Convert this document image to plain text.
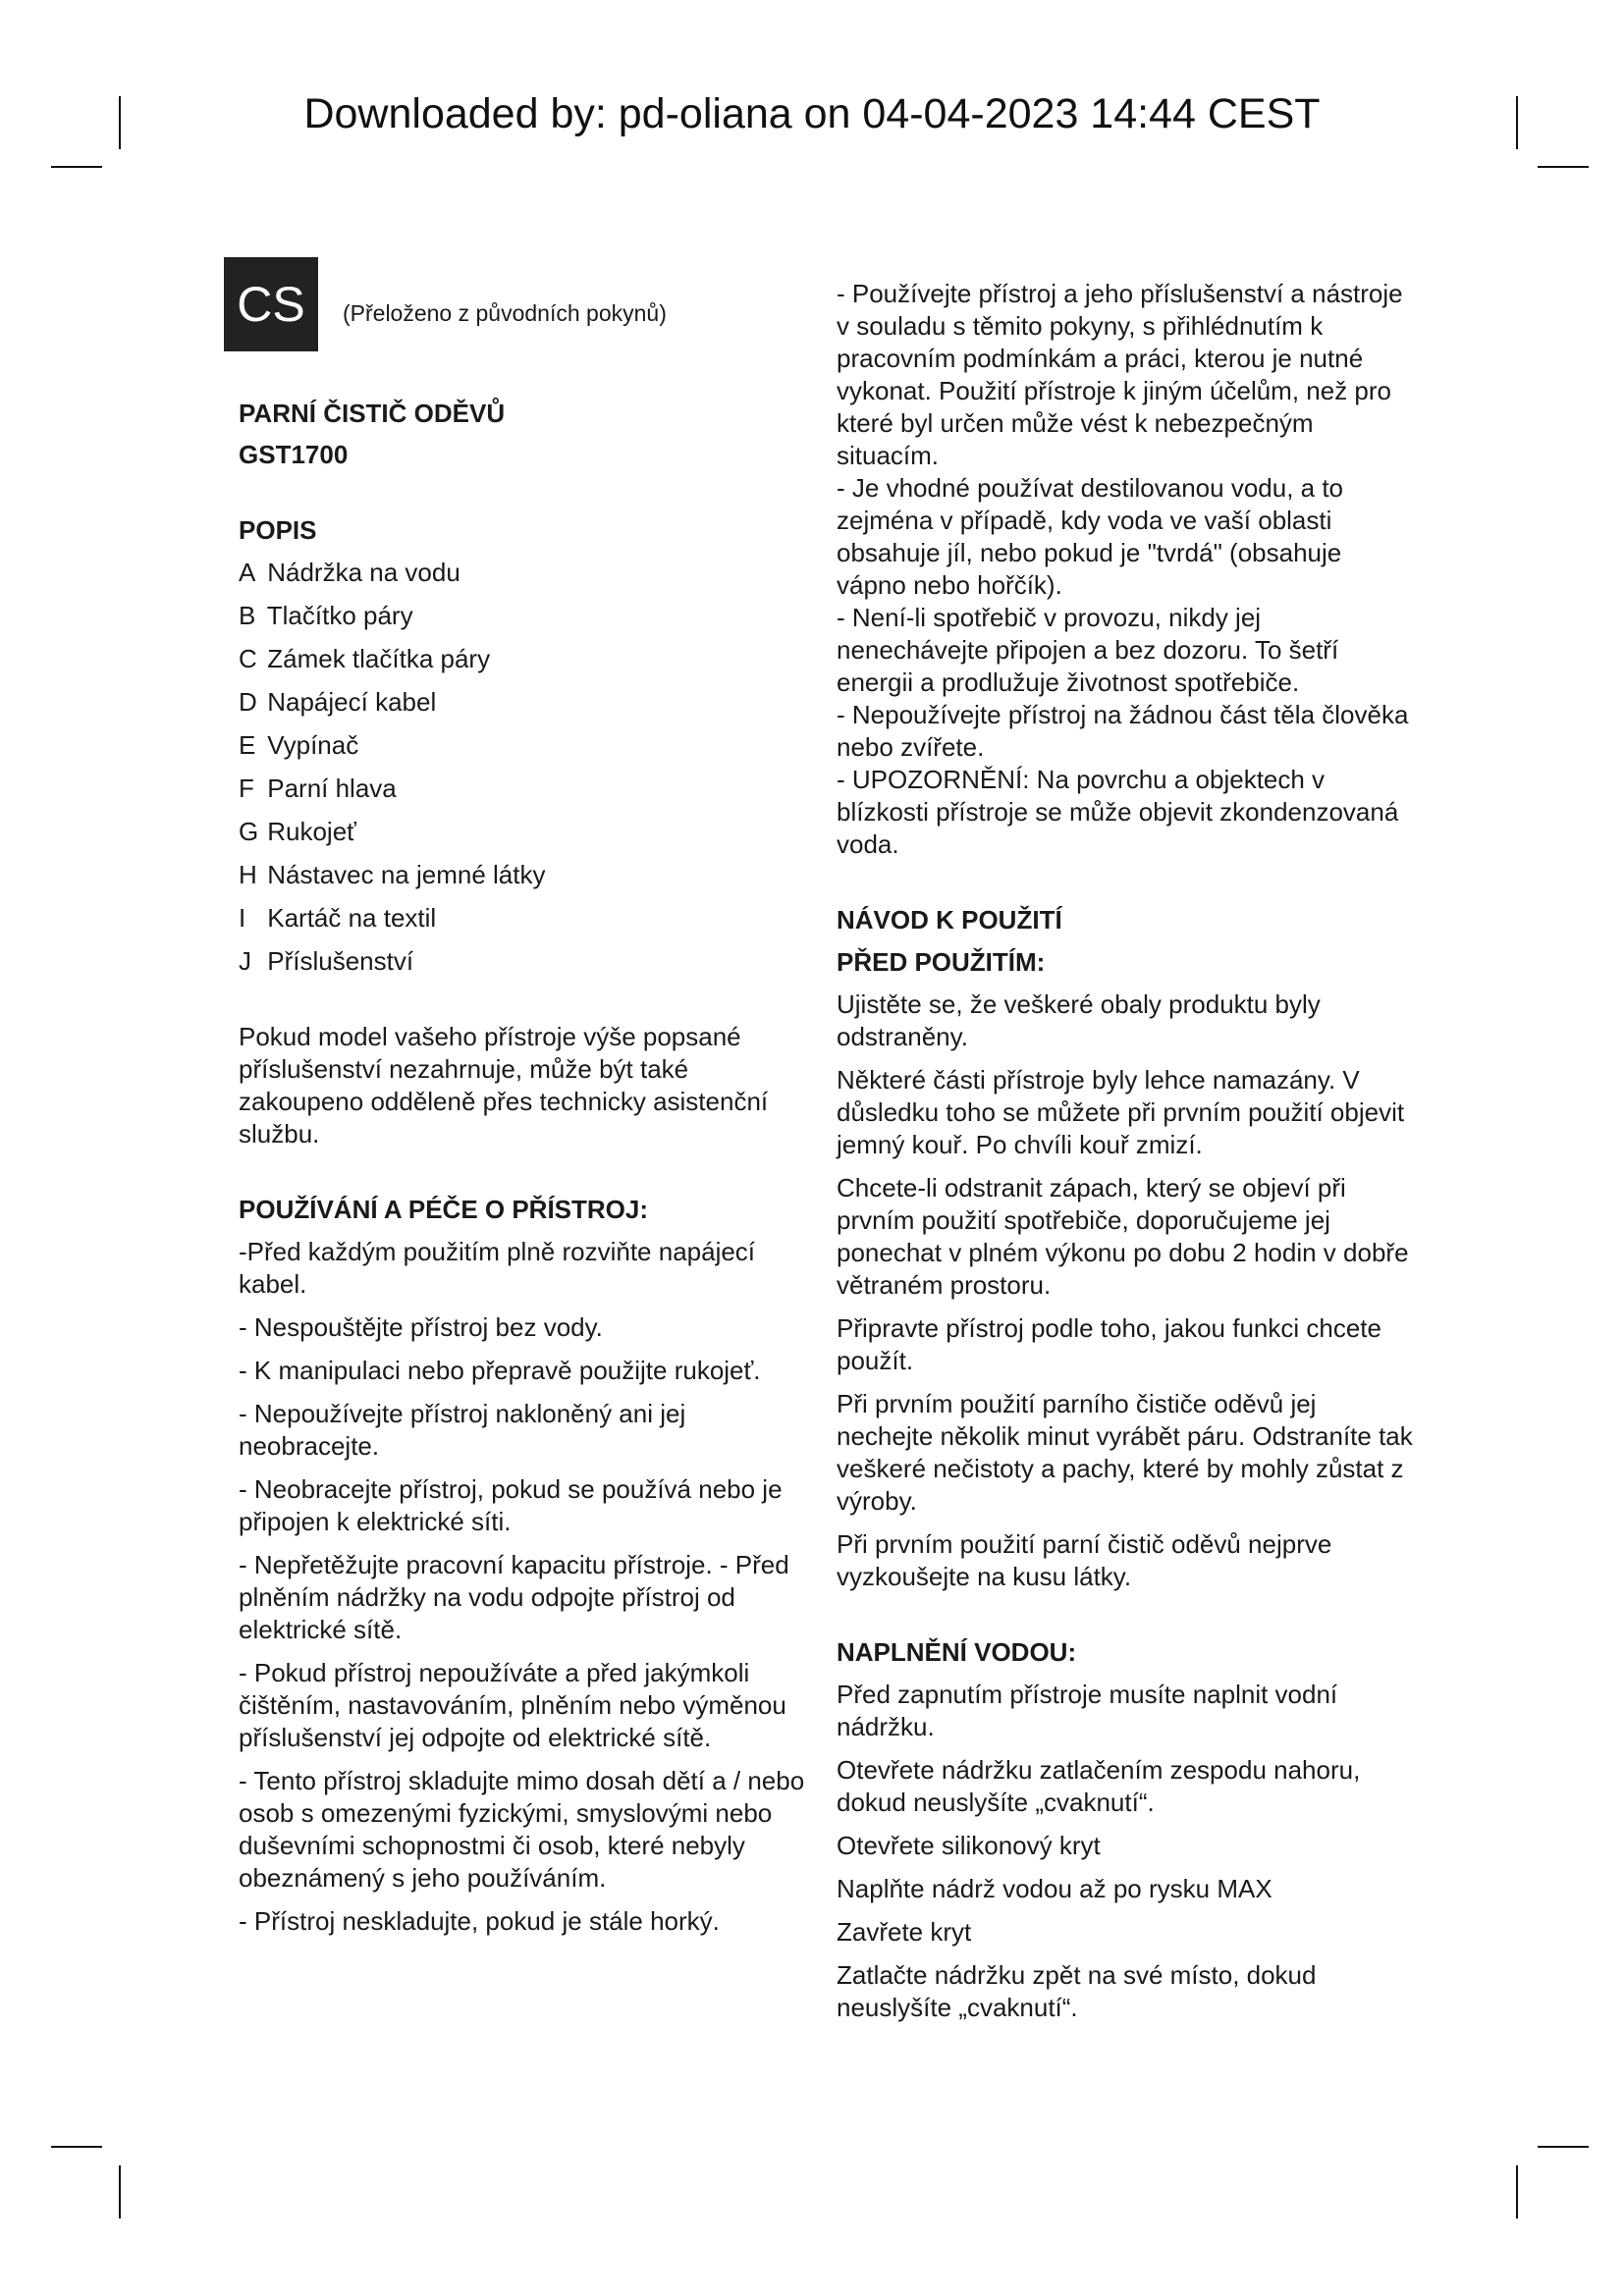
Downloaded by: pd-oliana on 04-04-2023 14:44 CEST
CS	(Přeloženo z původních pokynů)
PARNÍ ČISTIČ ODĚVŮ
GST1700
POPIS
A Nádržka na vodu
B Tlačítko páry
C Zámek tlačítka páry
D Napájecí kabel
E Vypínač
F Parní hlava
G Rukojeť
H Nástavec na jemné látky
I Kartáč na textil
J Příslušenství

Pokud model vašeho přístroje výše popsané příslušenství nezahrnuje, může být také zakoupeno odděleně přes technicky asistenční službu.

POUŽÍVÁNÍ A PÉČE O PŘÍSTROJ:

-Před každým použitím plně rozviňte napájecí kabel.

- Nespouštějte přístroj bez vody.

- K manipulaci nebo přepravě použijte rukojeť.

- Nepoužívejte přístroj nakloněný ani jej neobracejte.

- Neobracejte přístroj, pokud se používá nebo je připojen k elektrické síti.

- Nepřetěžujte pracovní kapacitu přístroje. - Před plněním nádržky na vodu odpojte přístroj od elektrické sítě.

- Pokud přístroj nepoužíváte a před jakýmkoli čištěním, nastavováním, plněním nebo výměnou příslušenství jej odpojte od elektrické sítě.

- Tento přístroj skladujte mimo dosah dětí a / nebo osob s omezenými fyzickými, smyslovými nebo duševními schopnostmi či osob, které nebyly obeznámený s jeho používáním.

- Přístroj neskladujte, pokud je stále horký.

- Používejte přístroj a jeho příslušenství a nástroje v souladu s těmito pokyny, s přihlédnutím k pracovním podmínkám a práci, kterou je nutné vykonat. Použití přístroje k jiným účelům, než pro které byl určen může vést k nebezpečným situacím.

- Je vhodné používat destilovanou vodu, a to zejména v případě, kdy voda ve vaší oblasti obsahuje jíl, nebo pokud je "tvrdá" (obsahuje vápno nebo hořčík).

- Není-li spotřebič v provozu, nikdy jej nenechávejte připojen a bez dozoru. To šetří energii a prodlužuje životnost spotřebiče.

- Nepoužívejte přístroj na žádnou část těla člověka nebo zvířete.

- UPOZORNĚNÍ: Na povrchu a objektech v blízkosti přístroje se může objevit zkondenzovaná voda.

NÁVOD K POUŽITÍ
PŘED POUŽITÍM:

Ujistěte se, že veškeré obaly produktu byly odstraněny.

Některé části přístroje byly lehce namazány. V důsledku toho se můžete při prvním použití objevit jemný kouř. Po chvíli kouř zmizí.

Chcete-li odstranit zápach, který se objeví při prvním použití spotřebiče, doporučujeme jej ponechat v plném výkonu po dobu 2 hodin v dobře větraném prostoru.

Připravte přístroj podle toho, jakou funkci chcete použít.

Při prvním použití parního čističe oděvů jej nechejte několik minut vyrábět páru. Odstraníte tak veškeré nečistoty a pachy, které by mohly zůstat z výroby.

Při prvním použití parní čistič oděvů nejprve vyzkoušejte na kusu látky.

NAPLNĚNÍ VODOU:

Před zapnutím přístroje musíte naplnit vodní nádržku.

Otevřete nádržku zatlačením zespodu nahoru, dokud neuslyšíte „cvaknutí“.

Otevřete silikonový kryt

Naplňte nádrž vodou až po rysku MAX

Zavřete kryt

Zatlačte nádržku zpět na své místo, dokud neuslyšíte „cvaknutí“.
